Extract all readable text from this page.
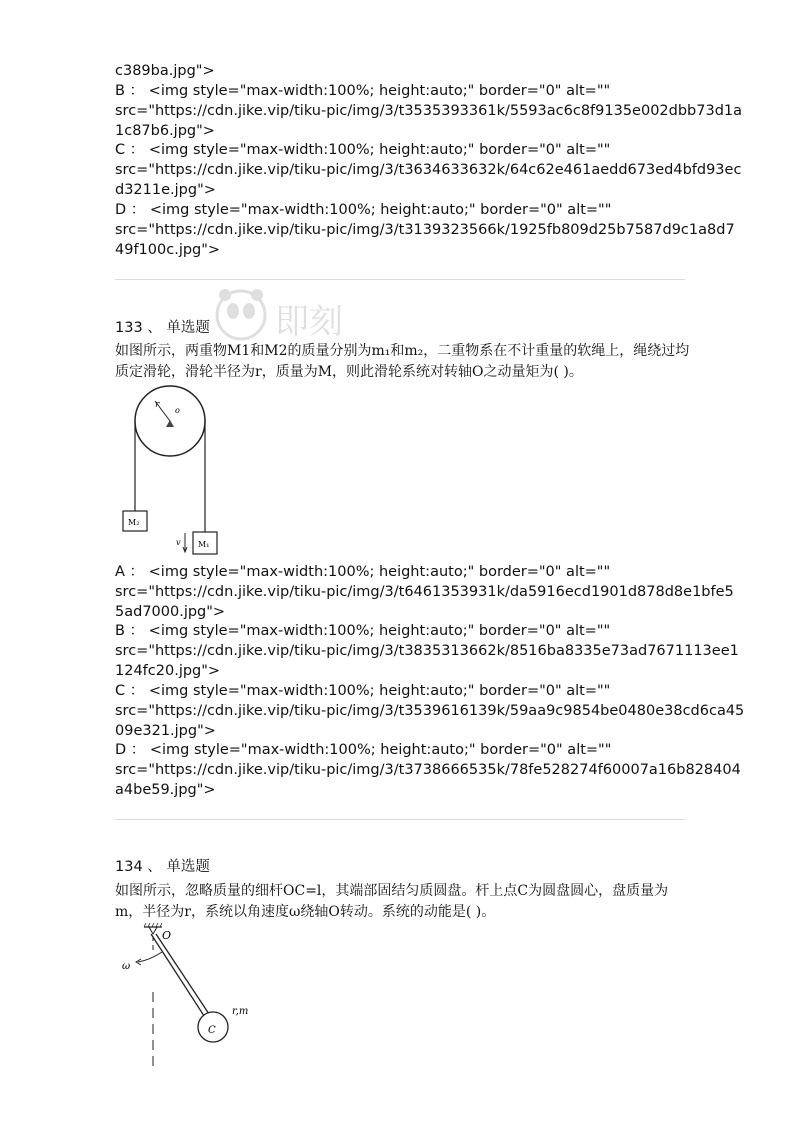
c389ba.jpg">
B ： <img style="max-width:100%; height:auto;" border="0" alt=""
src="https://cdn.jike.vip/tiku-pic/img/3/t3535393361k/5593ac6c8f9135e002dbb73d1a
1c87b6.jpg">
C ： <img style="max-width:100%; height:auto;" border="0" alt=""
src="https://cdn.jike.vip/tiku-pic/img/3/t3634633632k/64c62e461aedd673ed4bfd93ec
d3211e.jpg">
D ： <img style="max-width:100%; height:auto;" border="0" alt=""
src="https://cdn.jike.vip/tiku-pic/img/3/t3139323566k/1925fb809d25b7587d9c1a8d7
49f100c.jpg">
即刻
133 、 单选题
如图所示，两重物M1和M2的质量分别为m₁和m₂，二重物系在不计重量的软绳上，绳绕过均
质定滑轮，滑轮半径为r，质量为M，则此滑轮系统对转轴O之动量矩为( )。
r
o
M₂
M₁
v
A ： <img style="max-width:100%; height:auto;" border="0" alt=""
src="https://cdn.jike.vip/tiku-pic/img/3/t6461353931k/da5916ecd1901d878d8e1bfe5
5ad7000.jpg">
B ： <img style="max-width:100%; height:auto;" border="0" alt=""
src="https://cdn.jike.vip/tiku-pic/img/3/t3835313662k/8516ba8335e73ad7671113ee1
124fc20.jpg">
C ： <img style="max-width:100%; height:auto;" border="0" alt=""
src="https://cdn.jike.vip/tiku-pic/img/3/t3539616139k/59aa9c9854be0480e38cd6ca45
09e321.jpg">
D ： <img style="max-width:100%; height:auto;" border="0" alt=""
src="https://cdn.jike.vip/tiku-pic/img/3/t3738666535k/78fe528274f60007a16b828404
a4be59.jpg">
134 、 单选题
如图所示，忽略质量的细杆OC=l，其端部固结匀质圆盘。杆上点C为圆盘圆心，盘质量为
m，半径为r，系统以角速度ω绕轴O转动。系统的动能是( )。
O
C
r,m
ω
